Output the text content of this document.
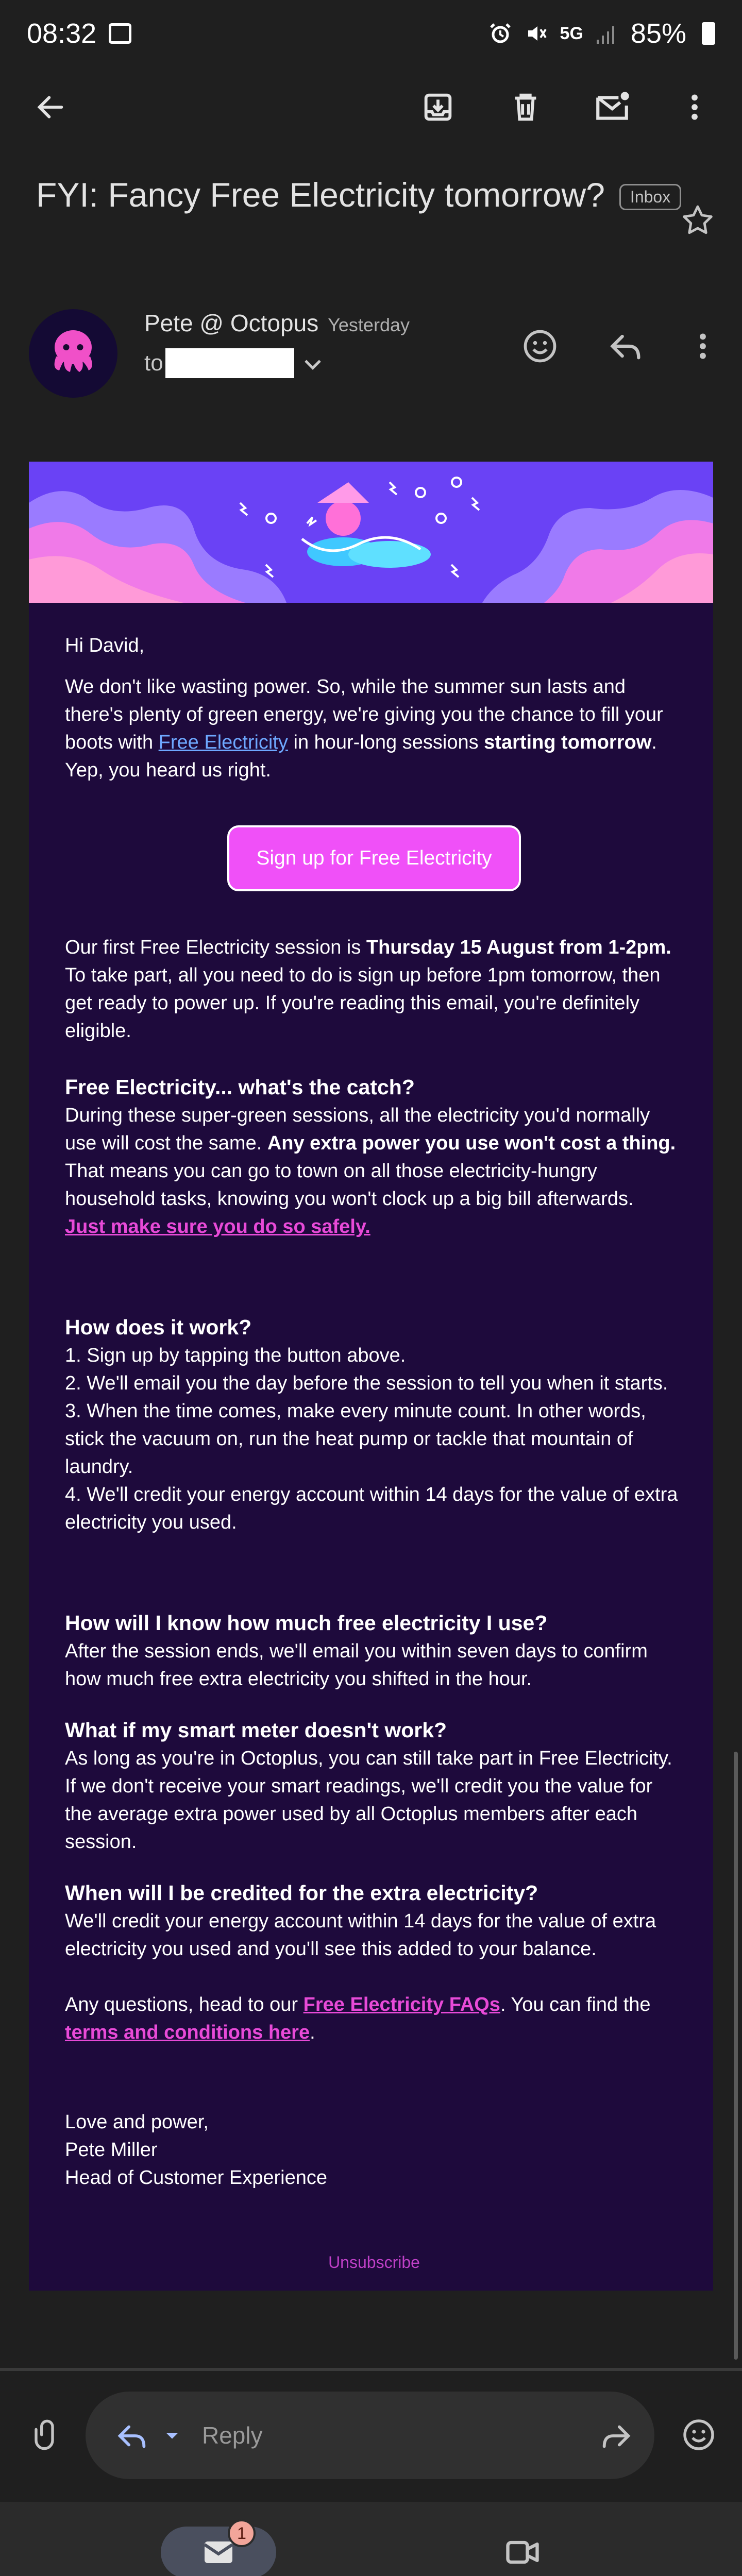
08:32	5G 85%
FYI: Fancy Free Electricity tomorrow?	Inbox
Pete @ Octopus Yesterday
to

Hi David,

We don't like wasting power. So, while the summer sun lasts and there's plenty of green energy, we're giving you the chance to fill your boots with Free Electricity in hour-long sessions starting tomorrow. Yep, you heard us right.

Sign up for Free Electricity

Our first Free Electricity session is Thursday 15 August from 1-2pm. To take part, all you need to do is sign up before 1pm tomorrow, then get ready to power up. If you're reading this email, you're definitely eligible.

Free Electricity... what's the catch?

During these super-green sessions, all the electricity you'd normally use will cost the same. Any extra power you use won't cost a thing. That means you can go to town on all those electricity-hungry household tasks, knowing you won't clock up a big bill afterwards.

Just make sure you do so safely.

How does it work?

1. Sign up by tapping the button above.

2. We'll email you the day before the session to tell you when it starts.

3. When the time comes, make every minute count. In other words, stick the vacuum on, run the heat pump or tackle that mountain of laundry.

4. We'll credit your energy account within 14 days for the value of extra electricity you used.

How will I know how much free electricity I use?

After the session ends, we'll email you within seven days to confirm how much free extra electricity you shifted in the hour.

What if my smart meter doesn't work?

As long as you're in Octoplus, you can still take part in Free Electricity. If we don't receive your smart readings, we'll credit you the value for the average extra power used by all Octoplus members after each session.

When will I be credited for the extra electricity?

We'll credit your energy account within 14 days for the value of extra electricity you used and you'll see this added to your balance.

Any questions, head to our Free Electricity FAQs. You can find the terms and conditions here.

Love and power,

Pete Miller

Head of Customer Experience

Unsubscribe
Reply
1
